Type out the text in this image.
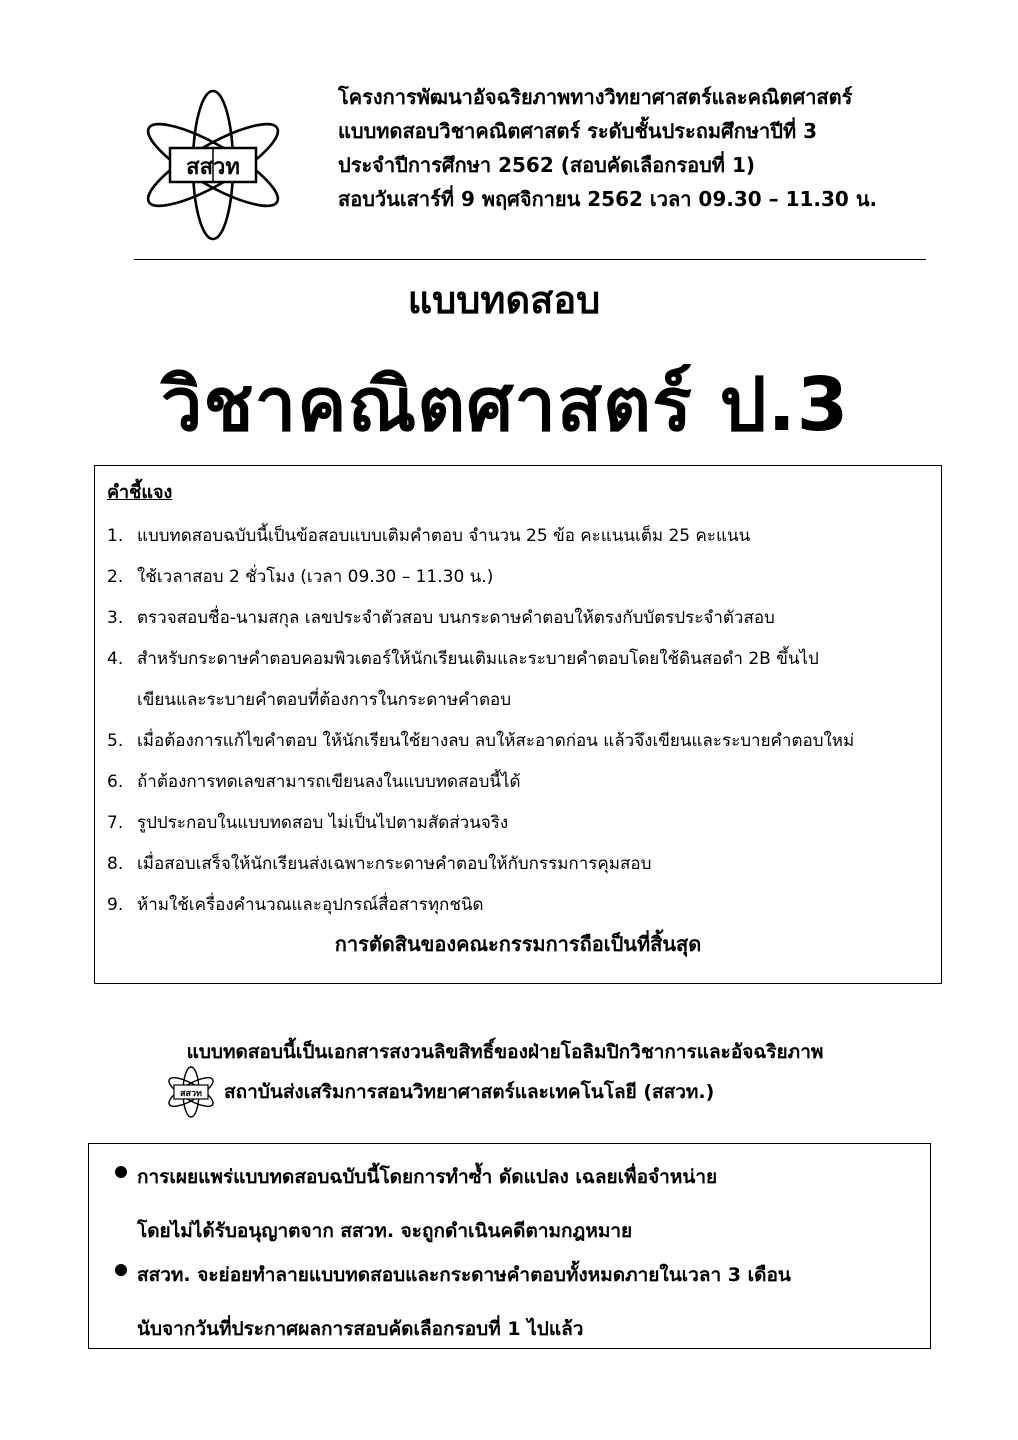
สสวท
โครงการพัฒนาอัจฉริยภาพทางวิทยาศาสตร์และคณิตศาสตร์
แบบทดสอบวิชาคณิตศาสตร์ ระดับชั้นประถมศึกษาปีที่ 3
ประจำปีการศึกษา 2562 (สอบคัดเลือกรอบที่ 1)
สอบวันเสาร์ที่ 9 พฤศจิกายน 2562 เวลา 09.30 – 11.30 น.
แบบทดสอบ
วิชาคณิตศาสตร์ ป.3
คำชี้แจง
1. แบบทดสอบฉบับนี้เป็นข้อสอบแบบเติมคำตอบ จำนวน 25 ข้อ คะแนนเต็ม 25 คะแนน
2. ใช้เวลาสอบ 2 ชั่วโมง (เวลา 09.30 – 11.30 น.)
3. ตรวจสอบชื่อ-นามสกุล เลขประจำตัวสอบ บนกระดาษคำตอบให้ตรงกับบัตรประจำตัวสอบ
4. สำหรับกระดาษคำตอบคอมพิวเตอร์ให้นักเรียนเติมและระบายคำตอบโดยใช้ดินสอดำ 2B ขึ้นไป
เขียนและระบายคำตอบที่ต้องการในกระดาษคำตอบ
5. เมื่อต้องการแก้ไขคำตอบ ให้นักเรียนใช้ยางลบ ลบให้สะอาดก่อน แล้วจึงเขียนและระบายคำตอบใหม่
6. ถ้าต้องการทดเลขสามารถเขียนลงในแบบทดสอบนี้ได้
7. รูปประกอบในแบบทดสอบ ไม่เป็นไปตามสัดส่วนจริง
8. เมื่อสอบเสร็จให้นักเรียนส่งเฉพาะกระดาษคำตอบให้กับกรรมการคุมสอบ
9. ห้ามใช้เครื่องคำนวณและอุปกรณ์สื่อสารทุกชนิด
การตัดสินของคณะกรรมการถือเป็นที่สิ้นสุด
แบบทดสอบนี้เป็นเอกสารสงวนลิขสิทธิ์ของฝ่ายโอลิมปิกวิชาการและอัจฉริยภาพ
สสวท สถาบันส่งเสริมการสอนวิทยาศาสตร์และเทคโนโลยี (สสวท.)
การเผยแพร่แบบทดสอบฉบับนี้โดยการทำซ้ำ ดัดแปลง เฉลยเพื่อจำหน่าย
โดยไม่ได้รับอนุญาตจาก สสวท. จะถูกดำเนินคดีตามกฎหมาย
สสวท. จะย่อยทำลายแบบทดสอบและกระดาษคำตอบทั้งหมดภายในเวลา 3 เดือน
นับจากวันที่ประกาศผลการสอบคัดเลือกรอบที่ 1 ไปแล้ว
